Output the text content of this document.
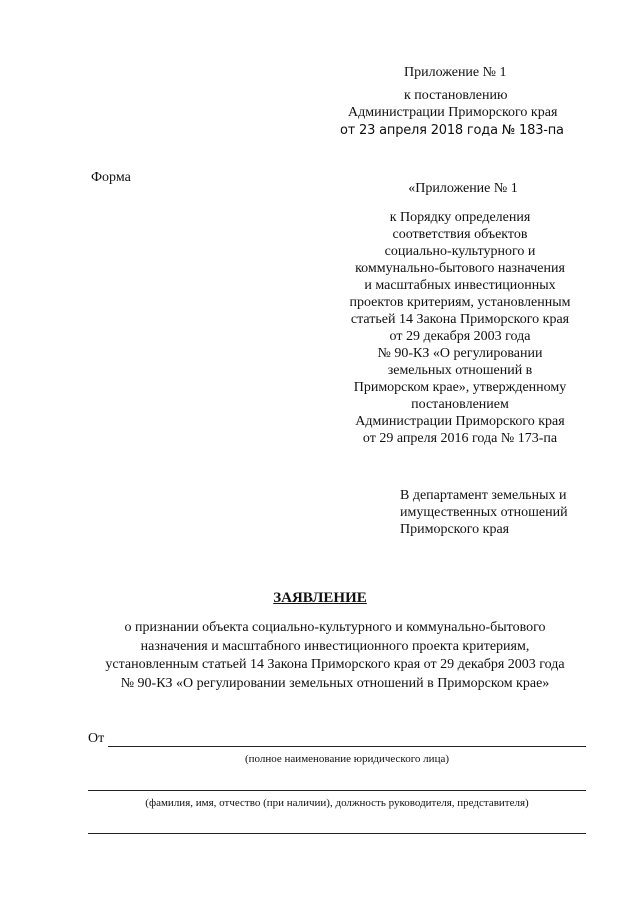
Приложение № 1
к постановлению
Администрации Приморского края
от 23 апреля 2018 года № 183-па
Форма
«Приложение № 1
к Порядку определения
соответствия объектов
социально-культурного и
коммунально-бытового назначения
и масштабных инвестиционных
проектов критериям, установленным
статьей 14 Закона Приморского края
от 29 декабря 2003 года
№ 90-КЗ «О регулировании
земельных отношений в
Приморском крае», утвержденному
постановлением
Администрации Приморского края
от 29 апреля 2016 года № 173-па
В департамент земельных и
имущественных отношений
Приморского края
ЗАЯВЛЕНИЕ
о признании объекта социально-культурного и коммунально-бытового
назначения и масштабного инвестиционного проекта критериям,
установленным статьей 14 Закона Приморского края от 29 декабря 2003 года
№ 90-КЗ «О регулировании земельных отношений в Приморском крае»
От
(полное наименование юридического лица)
(фамилия, имя, отчество (при наличии), должность руководителя, представителя)
